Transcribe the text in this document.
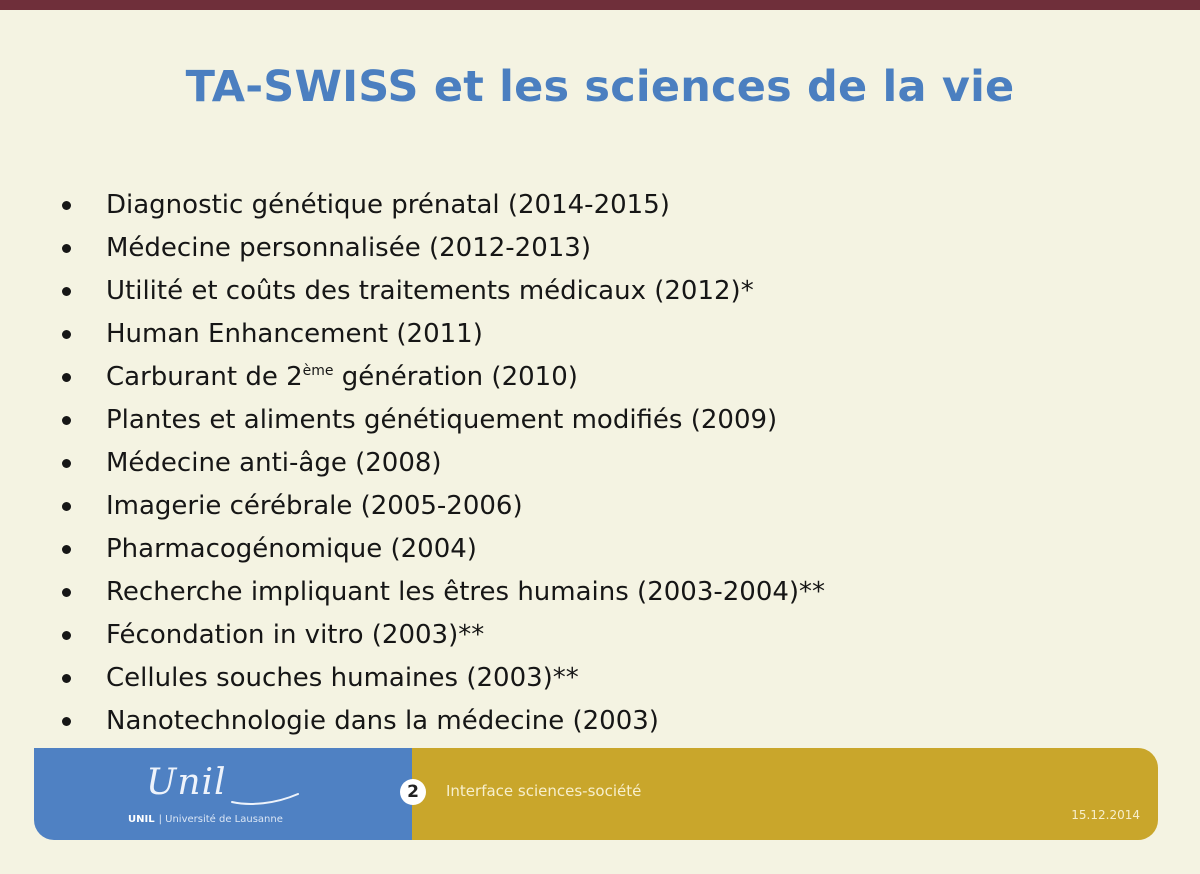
TA-SWISS et les sciences de la vie
Diagnostic génétique prénatal (2014-2015)
Médecine personnalisée (2012-2013)
Utilité et coûts des traitements médicaux (2012)*
Human Enhancement (2011)
Carburant de 2ème génération (2010)
Plantes et aliments génétiquement modifiés (2009)
Médecine anti-âge (2008)
Imagerie cérébrale (2005-2006)
Pharmacogénomique (2004)
Recherche impliquant les êtres humains (2003-2004)**
Fécondation in vitro (2003)**
Cellules souches humaines (2003)**
Nanotechnologie dans la médecine (2003)
Unil
UNIL | Université de Lausanne
2	Interface sciences-société
15.12.2014
